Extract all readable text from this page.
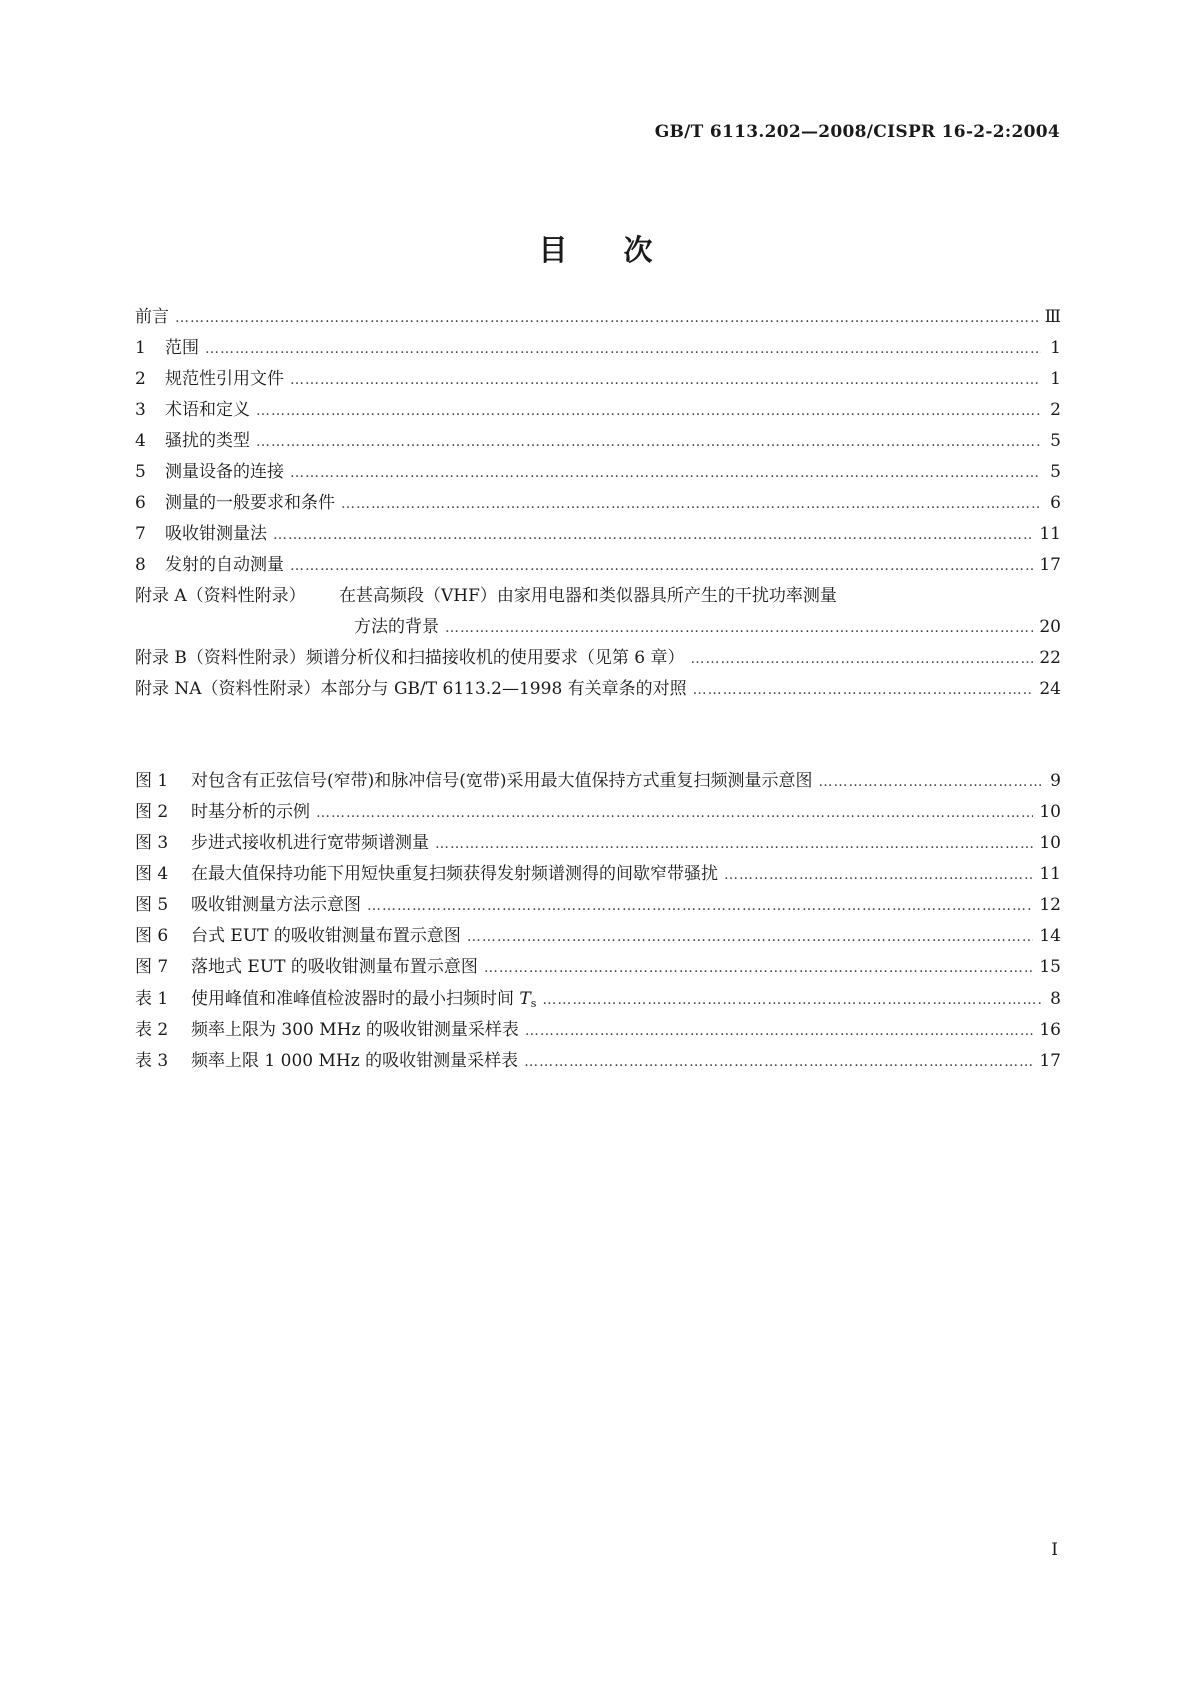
GB/T 6113.202—2008/CISPR 16-2-2:2004
目 次
前言 ……………………………………………………………………………………………………………………………………………………………………………………………………………	Ⅲ
1	范围 ……………………………………………………………………………………………………………………………………………………………………………………………………………	1
2	规范性引用文件 ……………………………………………………………………………………………………………………………………………………………………………………………………………	1
3	术语和定义 ……………………………………………………………………………………………………………………………………………………………………………………………………………	2
4	骚扰的类型 ……………………………………………………………………………………………………………………………………………………………………………………………………………	5
5	测量设备的连接 ……………………………………………………………………………………………………………………………………………………………………………………………………………	5
6	测量的一般要求和条件 ……………………………………………………………………………………………………………………………………………………………………………………………………………	6
7	吸收钳测量法 ……………………………………………………………………………………………………………………………………………………………………………………………………………	11
8	发射的自动测量 ……………………………………………………………………………………………………………………………………………………………………………………………………………	17
附录 A（资料性附录）	在甚高频段（VHF）由家用电器和类似器具所产生的干扰功率测量
方法的背景 ……………………………………………………………………………………………………………………………………………………………………………………………………………	20
附录 B（资料性附录） 频谱分析仪和扫描接收机的使用要求（见第 6 章） ……………………………………………………………………………………………………………………………………………………………………………………………………………	22
附录 NA（资料性附录） 本部分与 GB/T 6113.2—1998 有关章条的对照 ……………………………………………………………………………………………………………………………………………………………………………………………………………	24
图 1	对包含有正弦信号(窄带)和脉冲信号(宽带)采用最大值保持方式重复扫频测量示意图 ……………………………………………………………………………………………………………………………………………………………………………………………………………	9
图 2	时基分析的示例 ……………………………………………………………………………………………………………………………………………………………………………………………………………	10
图 3	步进式接收机进行宽带频谱测量 ……………………………………………………………………………………………………………………………………………………………………………………………………………	10
图 4	在最大值保持功能下用短快重复扫频获得发射频谱测得的间歇窄带骚扰 ……………………………………………………………………………………………………………………………………………………………………………………………………………	11
图 5	吸收钳测量方法示意图 ……………………………………………………………………………………………………………………………………………………………………………………………………………	12
图 6	台式 EUT 的吸收钳测量布置示意图 ……………………………………………………………………………………………………………………………………………………………………………………………………………	14
图 7	落地式 EUT 的吸收钳测量布置示意图 ……………………………………………………………………………………………………………………………………………………………………………………………………………	15
表 1	使用峰值和准峰值检波器时的最小扫频时间 $T_s$ ……………………………………………………………………………………………………………………………………………………………………………………………………………	8
表 2	频率上限为 300 MHz 的吸收钳测量采样表 ……………………………………………………………………………………………………………………………………………………………………………………………………………	16
表 3	频率上限 1 000 MHz 的吸收钳测量采样表 ……………………………………………………………………………………………………………………………………………………………………………………………………………	17
I
